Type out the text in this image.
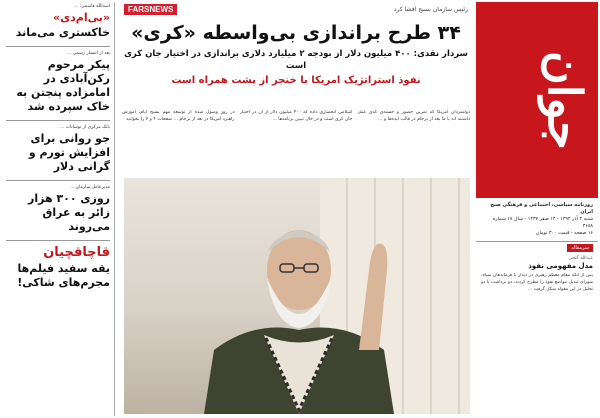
اسدالله قاسمی: ...
«بی‌ام‌دی»
خاکستری می‌ماند
بعد از انتشار رسمی ...
پیکر مرحوم رکن‌آبادی در امامزاده پنجتن به خاک سپرده شد
بانک مرکزی از نوسانات ...
جو روانی برای افزایش تورم و گرانی دلار
مدیرعامل سازمان ...
روزی ۳۰۰ هزار زائر به عراق می‌روند
قاچاقچیان
یقه سفید فیلم‌ها مجرم‌های شاکی!
رئیس سازمان بسیج افشا کرد
FARSNEWS
۳۴ طرح براندازی بی‌واسطه «کری»
سردار نقدی: ۴۰۰ میلیون دلار از بودجه ۲ میلیارد دلاری براندازی در اختیار جان کری است
نفوذ استراتژیک امریکا با خنجر از پشت همراه است
دولتمردان امریکا که تمرین حضور و حسنه‌ی کدی عمل داشتند اند با ما بعد از برجام در قالب ایده‌ها و ...
اسلامی انحصاری داده که ۴۰۰ میلیون دلار از آن در اختیار جان کری است و در حال تبیین برنامه‌ها ...
در روزِ وصول شده از توسعه مهم بسیج ایام، آموزش راهبرد امریکا در بعد از برجام ... صفحات ۴ و ۷ را بخوانید	جوان
روزنامه سیاسی، اجتماعی و فرهنگی صبح ایران
شنبه ۴ آذر ۱۳۹۴ - ۱۴ صفر ۱۴۳۷ - سال ۱۷ شماره ۴۶۸۸
۱۶ صفحه - قیمت ۳۰۰ تومان
سرمقاله
عبدالله گنجی
مدل مفهومی نفوذ
پس از آنکه مقام معظم رهبری در دیدار با فرماندهان سپاه، شورای تبدیل مواضع نفوذ را مطرح کردند، دو برداشت یا دو تحلیل در این مقوله شکل گرفت ...
